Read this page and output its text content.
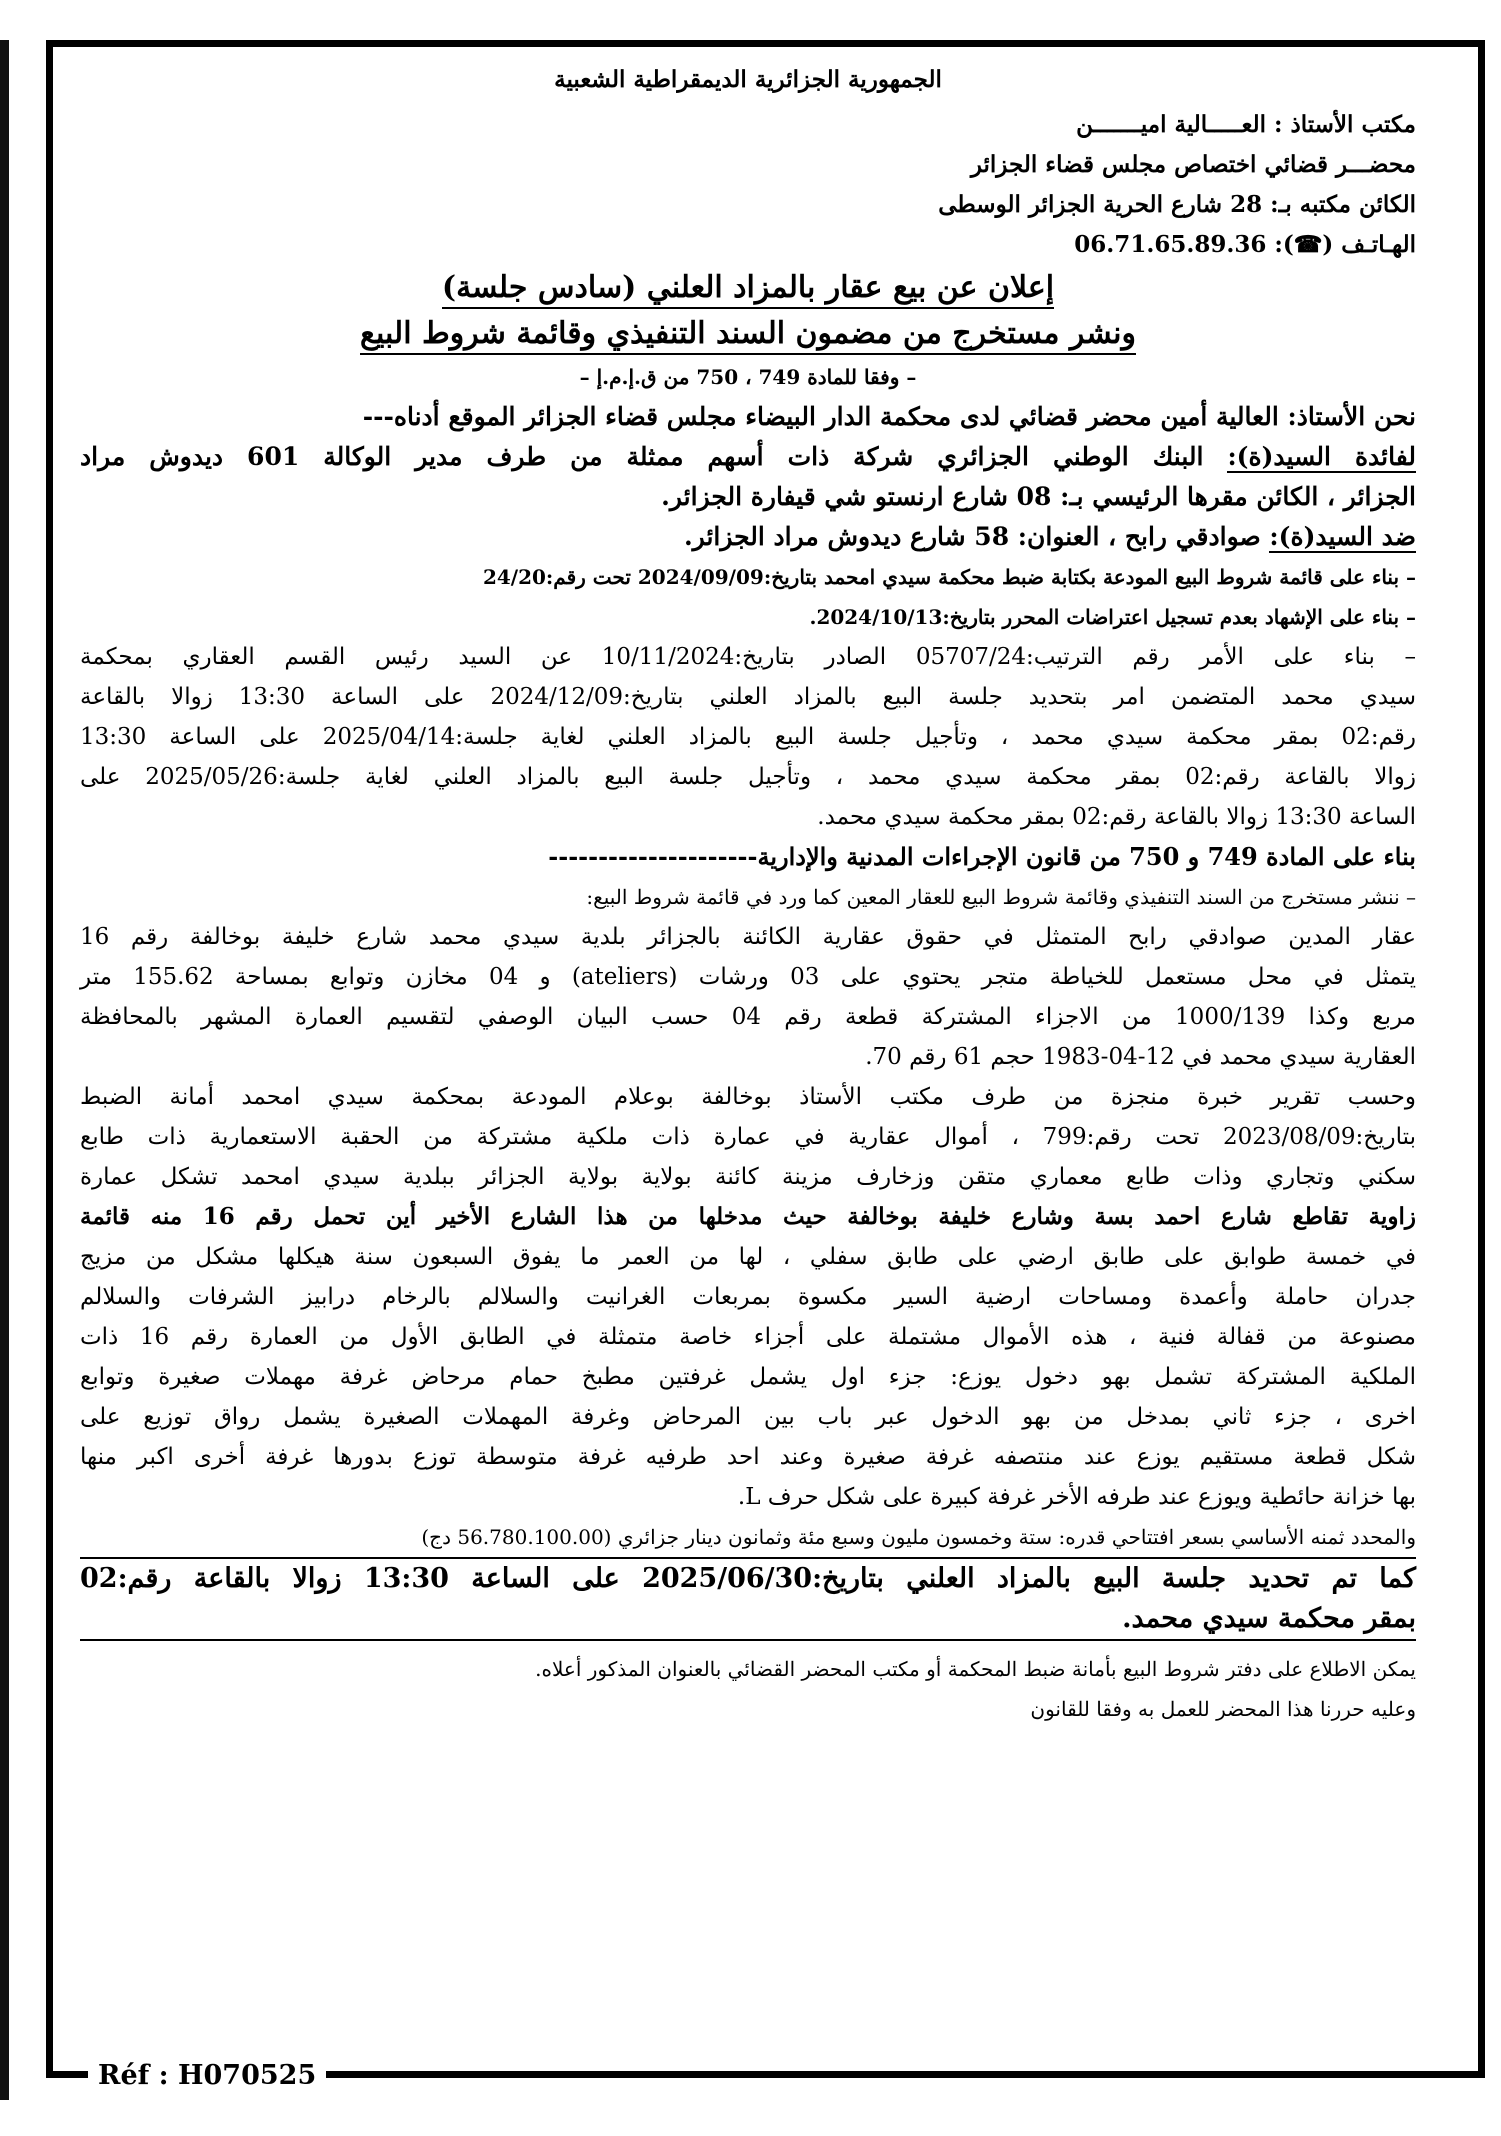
الجمهورية الجزائرية الديمقراطية الشعبية
مكتب الأستاذ : العـــــالية اميـــــــن
محضـــر قضائي اختصاص مجلس قضاء الجزائر
الكائن مكتبه بـ: 28 شارع الحرية الجزائر الوسطى
الهـاتـف (☎): 06.71.65.89.36
إعلان عن بيع عقار بالمزاد العلني (سادس جلسة)
ونشر مستخرج من مضمون السند التنفيذي وقائمة شروط البيع
– وفقا للمادة 749 ، 750 من ق.إ.م.إ –
نحن الأستاذ: العالية أمين محضر قضائي لدى محكمة الدار البيضاء مجلس قضاء الجزائر الموقع أدناه---
لفائدة السيد(ة): البنك الوطني الجزائري شركة ذات أسهم ممثلة من طرف مدير الوكالة 601 ديدوش مراد
الجزائر ، الكائن مقرها الرئيسي بـ: 08 شارع ارنستو شي قيفارة الجزائر.
ضد السيد(ة): صوادقي رابح ، العنوان: 58 شارع ديدوش مراد الجزائر.
– بناء على قائمة شروط البيع المودعة بكتابة ضبط محكمة سيدي امحمد بتاريخ:2024/09/09 تحت رقم:24/20
– بناء على الإشهاد بعدم تسجيل اعتراضات المحرر بتاريخ:2024/10/13.
– بناء على الأمر رقم الترتيب:05707/24 الصادر بتاريخ:10/11/2024 عن السيد رئيس القسم العقاري بمحكمة
سيدي محمد المتضمن امر بتحديد جلسة البيع بالمزاد العلني بتاريخ:2024/12/09 على الساعة 13:30 زوالا بالقاعة
رقم:02 بمقر محكمة سيدي محمد ، وتأجيل جلسة البيع بالمزاد العلني لغاية جلسة:2025/04/14 على الساعة 13:30
زوالا بالقاعة رقم:02 بمقر محكمة سيدي محمد ، وتأجيل جلسة البيع بالمزاد العلني لغاية جلسة:2025/05/26 على
الساعة 13:30 زوالا بالقاعة رقم:02 بمقر محكمة سيدي محمد.
بناء على المادة 749 و 750 من قانون الإجراءات المدنية والإدارية---------------------
– ننشر مستخرج من السند التنفيذي وقائمة شروط البيع للعقار المعين كما ورد في قائمة شروط البيع:
عقار المدين صوادقي رابح المتمثل في حقوق عقارية الكائنة بالجزائر بلدية سيدي محمد شارع خليفة بوخالفة رقم 16
يتمثل في محل مستعمل للخياطة متجر يحتوي على 03 ورشات (ateliers) و 04 مخازن وتوابع بمساحة 155.62 متر
مربع وكذا 1000/139 من الاجزاء المشتركة قطعة رقم 04 حسب البيان الوصفي لتقسيم العمارة المشهر بالمحافظة
العقارية سيدي محمد في 12-04-1983 حجم 61 رقم 70.
وحسب تقرير خبرة منجزة من طرف مكتب الأستاذ بوخالفة بوعلام المودعة بمحكمة سيدي امحمد أمانة الضبط
بتاريخ:2023/08/09 تحت رقم:799 ، أموال عقارية في عمارة ذات ملكية مشتركة من الحقبة الاستعمارية ذات طابع
سكني وتجاري وذات طابع معماري متقن وزخارف مزينة كائنة بولاية بولاية الجزائر ببلدية سيدي امحمد تشكل عمارة
زاوية تقاطع شارع احمد بسة وشارع خليفة بوخالفة حيث مدخلها من هذا الشارع الأخير أين تحمل رقم 16 منه قائمة
في خمسة طوابق على طابق ارضي على طابق سفلي ، لها من العمر ما يفوق السبعون سنة هيكلها مشكل من مزيج
جدران حاملة وأعمدة ومساحات ارضية السير مكسوة بمربعات الغرانيت والسلالم بالرخام درابيز الشرفات والسلالم
مصنوعة من قفالة فنية ، هذه الأموال مشتملة على أجزاء خاصة متمثلة في الطابق الأول من العمارة رقم 16 ذات
الملكية المشتركة تشمل بهو دخول يوزع: جزء اول يشمل غرفتين مطبخ حمام مرحاض غرفة مهملات صغيرة وتوابع
اخرى ، جزء ثاني بمدخل من بهو الدخول عبر باب بين المرحاض وغرفة المهملات الصغيرة يشمل رواق توزيع على
شكل قطعة مستقيم يوزع عند منتصفه غرفة صغيرة وعند احد طرفيه غرفة متوسطة توزع بدورها غرفة أخرى اكبر منها
بها خزانة حائطية ويوزع عند طرفه الأخر غرفة كبيرة على شكل حرف L.
والمحدد ثمنه الأساسي بسعر افتتاحي قدره: ستة وخمسون مليون وسبع مئة وثمانون دينار جزائري (56.780.100.00 دج)
كما تم تحديد جلسة البيع بالمزاد العلني بتاريخ:2025/06/30 على الساعة 13:30 زوالا بالقاعة رقم:02
بمقر محكمة سيدي محمد.
يمكن الاطلاع على دفتر شروط البيع بأمانة ضبط المحكمة أو مكتب المحضر القضائي بالعنوان المذكور أعلاه.
وعليه حررنا هذا المحضر للعمل به وفقا للقانون
Réf : H070525
